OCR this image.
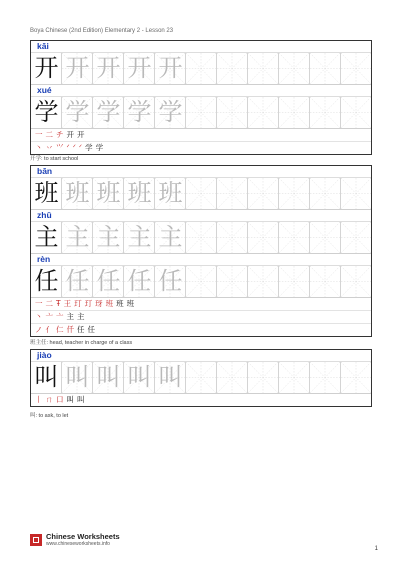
Boya Chinese (2nd Edition) Elementary 2 - Lesson 23
kāi
开 开 开 开 开
xué
学 学 学 学 学
一 二 チ 开 开
丶 丷 ⺍ ᐟ ᐟ ᐟ 学 学
开学: to start school
bān
班 班 班 班 班
zhǔ
主 主 主 主 主
rèn
任 任 任 任 任
一 二 Ŧ 王 玎 玎 玡 班 班 班
丶 亠 亠 主 主
ノ 亻 仁 仟 任 任
班主任: head, teacher in charge of a class
jiào
叫 叫 叫 叫 叫
丨 ㄇ 口 叫 叫
叫: to ask, to let
Chinese Worksheets
www.chineseworksheets.info
1
